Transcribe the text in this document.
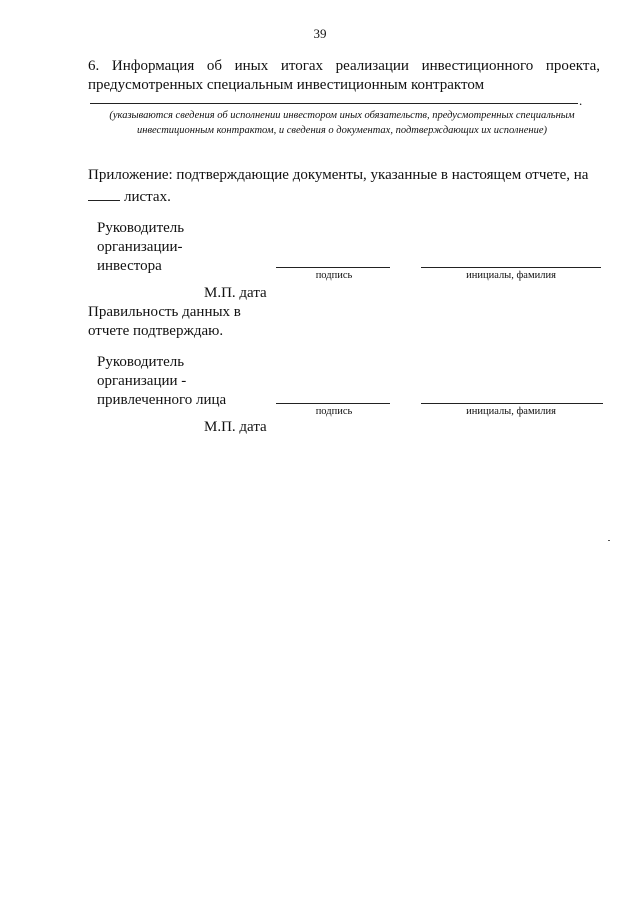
39
6. Информация об иных итогах реализации инвестиционного проекта,
предусмотренных специальным инвестиционным контрактом
.
(указываются сведения об исполнении инвестором иных обязательств, предусмотренных специальным инвестиционным контрактом, и сведения о документах, подтверждающих их исполнение)
Приложение: подтверждающие документы, указанные в настоящем отчете, на
листах.
Руководитель
организации-
инвестора
подпись	инициалы, фамилия
М.П. дата
Правильность данных в
отчете подтверждаю.
Руководитель
организации -
привлеченного лица
подпись	инициалы, фамилия
М.П. дата
